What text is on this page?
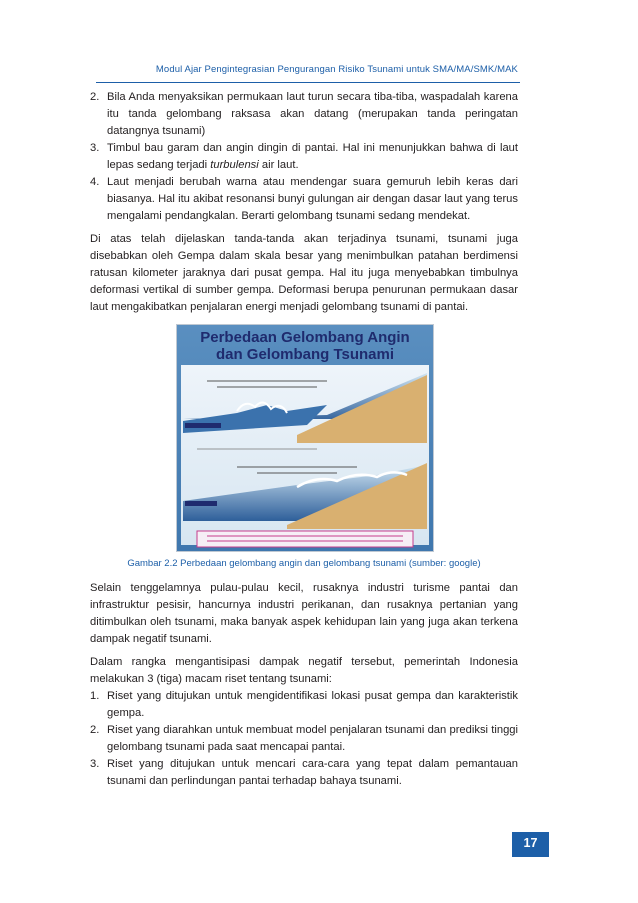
Modul Ajar Pengintegrasian Pengurangan Risiko Tsunami untuk SMA/MA/SMK/MAK
2. Bila Anda menyaksikan permukaan laut turun secara tiba-tiba, waspadalah karena itu tanda gelombang raksasa akan datang (merupakan tanda peringatan datangnya tsunami)
3. Timbul bau garam dan angin dingin di pantai. Hal ini menunjukkan bahwa di laut lepas sedang terjadi turbulensi air laut.
4. Laut menjadi berubah warna atau mendengar suara gemuruh lebih keras dari biasanya. Hal itu akibat resonansi bunyi gulungan air dengan dasar laut yang terus mengalami pendangkalan. Berarti gelombang tsunami sedang mendekat.

Di atas telah dijelaskan tanda-tanda akan terjadinya tsunami, tsunami juga disebabkan oleh Gempa dalam skala besar yang menimbulkan patahan berdimensi ratusan kilometer jaraknya dari pusat gempa. Hal itu juga menyebabkan timbulnya deformasi vertikal di sumber gempa. Deformasi berupa penurunan permukaan dasar laut mengakibatkan penjalaran energi menjadi gelombang tsunami di pantai.

Perbedaan Gelombang Angin
dan Gelombang Tsunami
Gambar 2.2 Perbedaan gelombang angin dan gelombang tsunami (sumber: google)

Selain tenggelamnya pulau-pulau kecil, rusaknya industri turisme pantai dan infrastruktur pesisir, hancurnya industri perikanan, dan rusaknya pertanian yang ditimbulkan oleh tsunami, maka banyak aspek kehidupan lain yang juga akan terkena dampak negatif tsunami.

Dalam rangka mengantisipasi dampak negatif tersebut, pemerintah Indonesia melakukan 3 (tiga) macam riset tentang tsunami:

1. Riset yang ditujukan untuk mengidentifikasi lokasi pusat gempa dan karakteristik gempa.
2. Riset yang diarahkan untuk membuat model penjalaran tsunami dan prediksi tinggi gelombang tsunami pada saat mencapai pantai.
3. Riset yang ditujukan untuk mencari cara-cara yang tepat dalam pemantauan tsunami dan perlindungan pantai terhadap bahaya tsunami.
17
